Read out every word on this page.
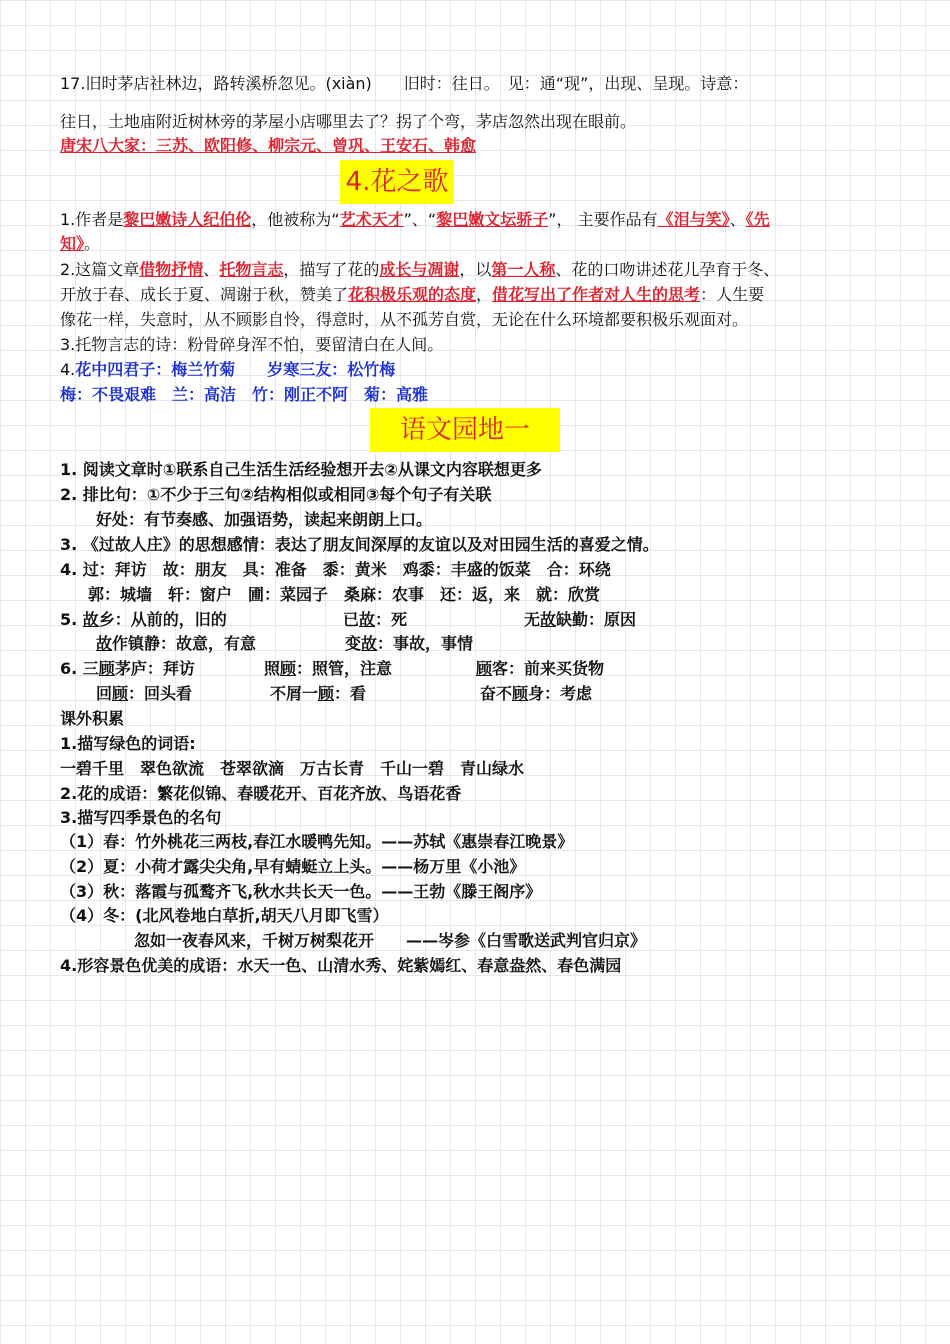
17.旧时茅店社林边，路转溪桥忽见。(xiàn)　　旧时：往日。　见：通“现”，出现、呈现。诗意：
往日，土地庙附近树林旁的茅屋小店哪里去了？拐了个弯，茅店忽然出现在眼前。
唐宋八大家：三苏、欧阳修、柳宗元、曾巩、王安石、韩愈
4.花之歌
1.作者是黎巴嫩诗人纪伯伦，他被称为“艺术天才”、“黎巴嫩文坛骄子”， 主要作品有《泪与笑》、《先
知》。
2.这篇文章借物抒情、托物言志，描写了花的成长与凋谢，以第一人称、花的口吻讲述花儿孕育于冬、
开放于春、成长于夏、凋谢于秋，赞美了花积极乐观的态度，借花写出了作者对人生的思考：人生要
像花一样，失意时，从不顾影自怜，得意时，从不孤芳自赏，无论在什么环境都要积极乐观面对。
3.托物言志的诗：粉骨碎身浑不怕，要留清白在人间。
4.花中四君子：梅兰竹菊　　岁寒三友：松竹梅
梅：不畏艰难　兰：高洁　竹：刚正不阿　菊：高雅
语文园地一
1. 阅读文章时①联系自己生活生活经验想开去②从课文内容联想更多
2. 排比句：①不少于三句②结构相似或相同③每个句子有关联
好处：有节奏感、加强语势，读起来朗朗上口。
3. 《过故人庄》的思想感情：表达了朋友间深厚的友谊以及对田园生活的喜爱之情。
4. 过：拜访　故：朋友　具：准备　黍：黄米　鸡黍：丰盛的饭菜　合：环绕
郭：城墙　轩：窗户　圃：菜园子　桑麻：农事　还：返，来　就：欣赏
5. 故乡：从前的，旧的	已故：死	无故缺勤：原因
故作镇静：故意，有意	变故：事故，事情
6. 三顾茅庐：拜访	照顾：照管，注意	顾客：前来买货物
回顾：回头看	不屑一顾：看	奋不顾身：考虑
课外积累
1.描写绿色的词语:
一碧千里　翠色欲流　苍翠欲滴　万古长青　千山一碧　青山绿水
2.花的成语：繁花似锦、春暖花开、百花齐放、鸟语花香
3.描写四季景色的名句
（1）春：竹外桃花三两枝,春江水暖鸭先知。——苏轼《惠崇春江晚景》
（2）夏：小荷才露尖尖角,早有蜻蜓立上头。——杨万里《小池》
（3）秋：落霞与孤鹜齐飞,秋水共长天一色。——王勃《滕王阁序》
（4）冬：(北风卷地白草折,胡天八月即飞雪）
忽如一夜春风来，千树万树梨花开　　——岑参《白雪歌送武判官归京》
4.形容景色优美的成语：水天一色、山清水秀、姹紫嫣红、春意盎然、春色满园
